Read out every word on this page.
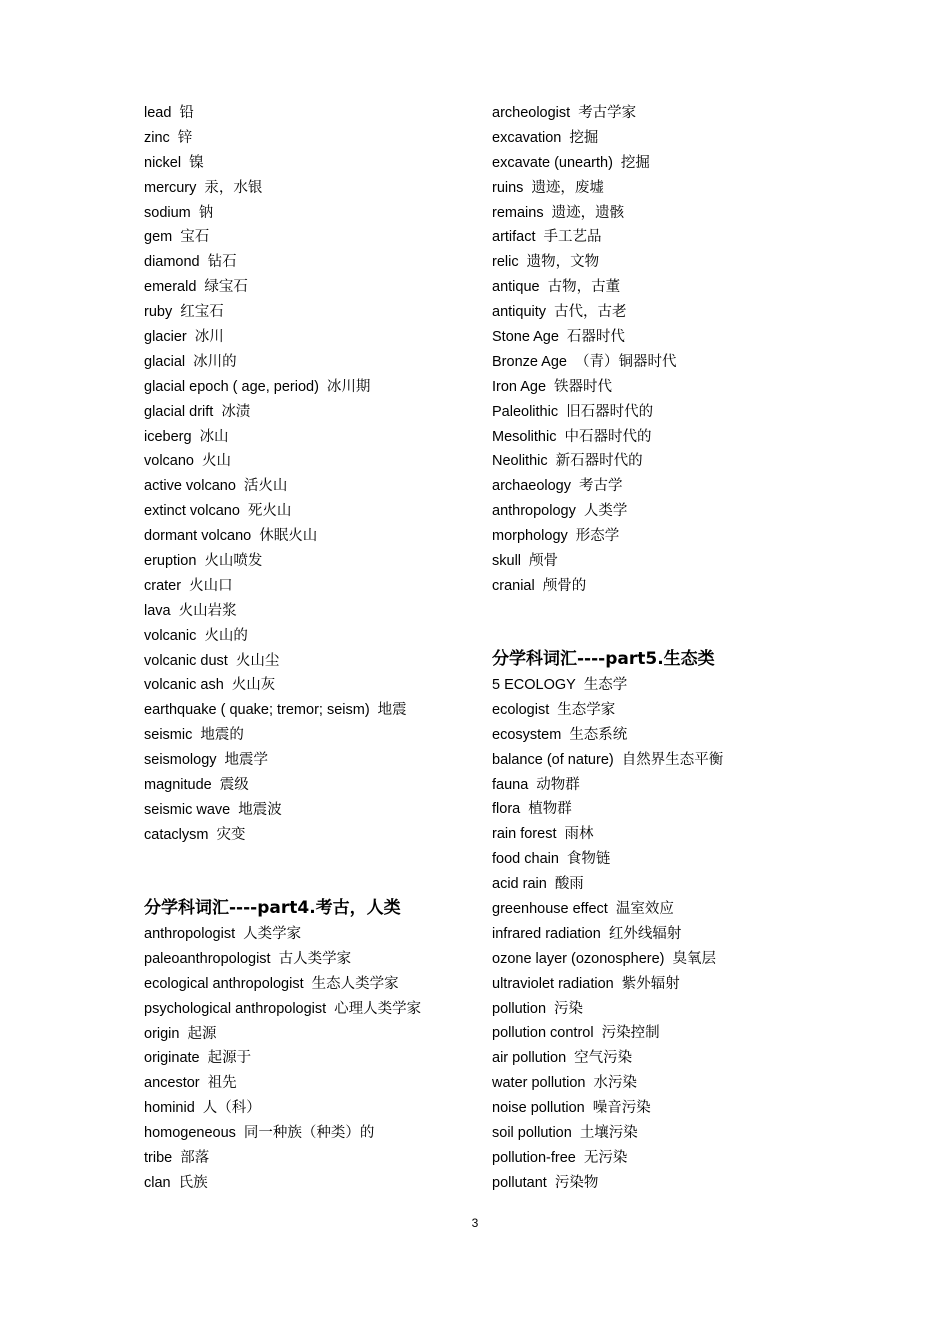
lead 铅
zinc 锌
nickel 镍
mercury 汞，水银
sodium 钠
gem 宝石
diamond 钻石
emerald 绿宝石
ruby 红宝石
glacier 冰川
glacial 冰川的
glacial epoch ( age, period) 冰川期
glacial drift 冰渍
iceberg 冰山
volcano 火山
active volcano 活火山
extinct volcano 死火山
dormant volcano 休眠火山
eruption 火山喷发
crater 火山口
lava 火山岩浆
volcanic 火山的
volcanic dust 火山尘
volcanic ash 火山灰
earthquake ( quake; tremor; seism) 地震
seismic 地震的
seismology 地震学
magnitude 震级
seismic wave 地震波
cataclysm 灾变
分学科词汇----part4.考古，人类
anthropologist 人类学家
paleoanthropologist 古人类学家
ecological anthropologist 生态人类学家
psychological anthropologist 心理人类学家
origin 起源
originate 起源于
ancestor 祖先
hominid 人（科）
homogeneous 同一种族（种类）的
tribe 部落
clan 氏族
archeologist 考古学家
excavation 挖掘
excavate (unearth) 挖掘
ruins 遗迹，废墟
remains 遗迹，遗骸
artifact 手工艺品
relic 遗物，文物
antique 古物，古董
antiquity 古代，古老
Stone Age 石器时代
Bronze Age （青）铜器时代
Iron Age 铁器时代
Paleolithic 旧石器时代的
Mesolithic 中石器时代的
Neolithic 新石器时代的
archaeology 考古学
anthropology 人类学
morphology 形态学
skull 颅骨
cranial 颅骨的
分学科词汇----part5.生态类
5 ECOLOGY 生态学
ecologist 生态学家
ecosystem 生态系统
balance (of nature) 自然界生态平衡
fauna 动物群
flora 植物群
rain forest 雨林
food chain 食物链
acid rain 酸雨
greenhouse effect 温室效应
infrared radiation 红外线辐射
ozone layer (ozonosphere) 臭氧层
ultraviolet radiation 紫外辐射
pollution 污染
pollution control 污染控制
air pollution 空气污染
water pollution 水污染
noise pollution 噪音污染
soil pollution 土壤污染
pollution-free 无污染
pollutant 污染物
3
